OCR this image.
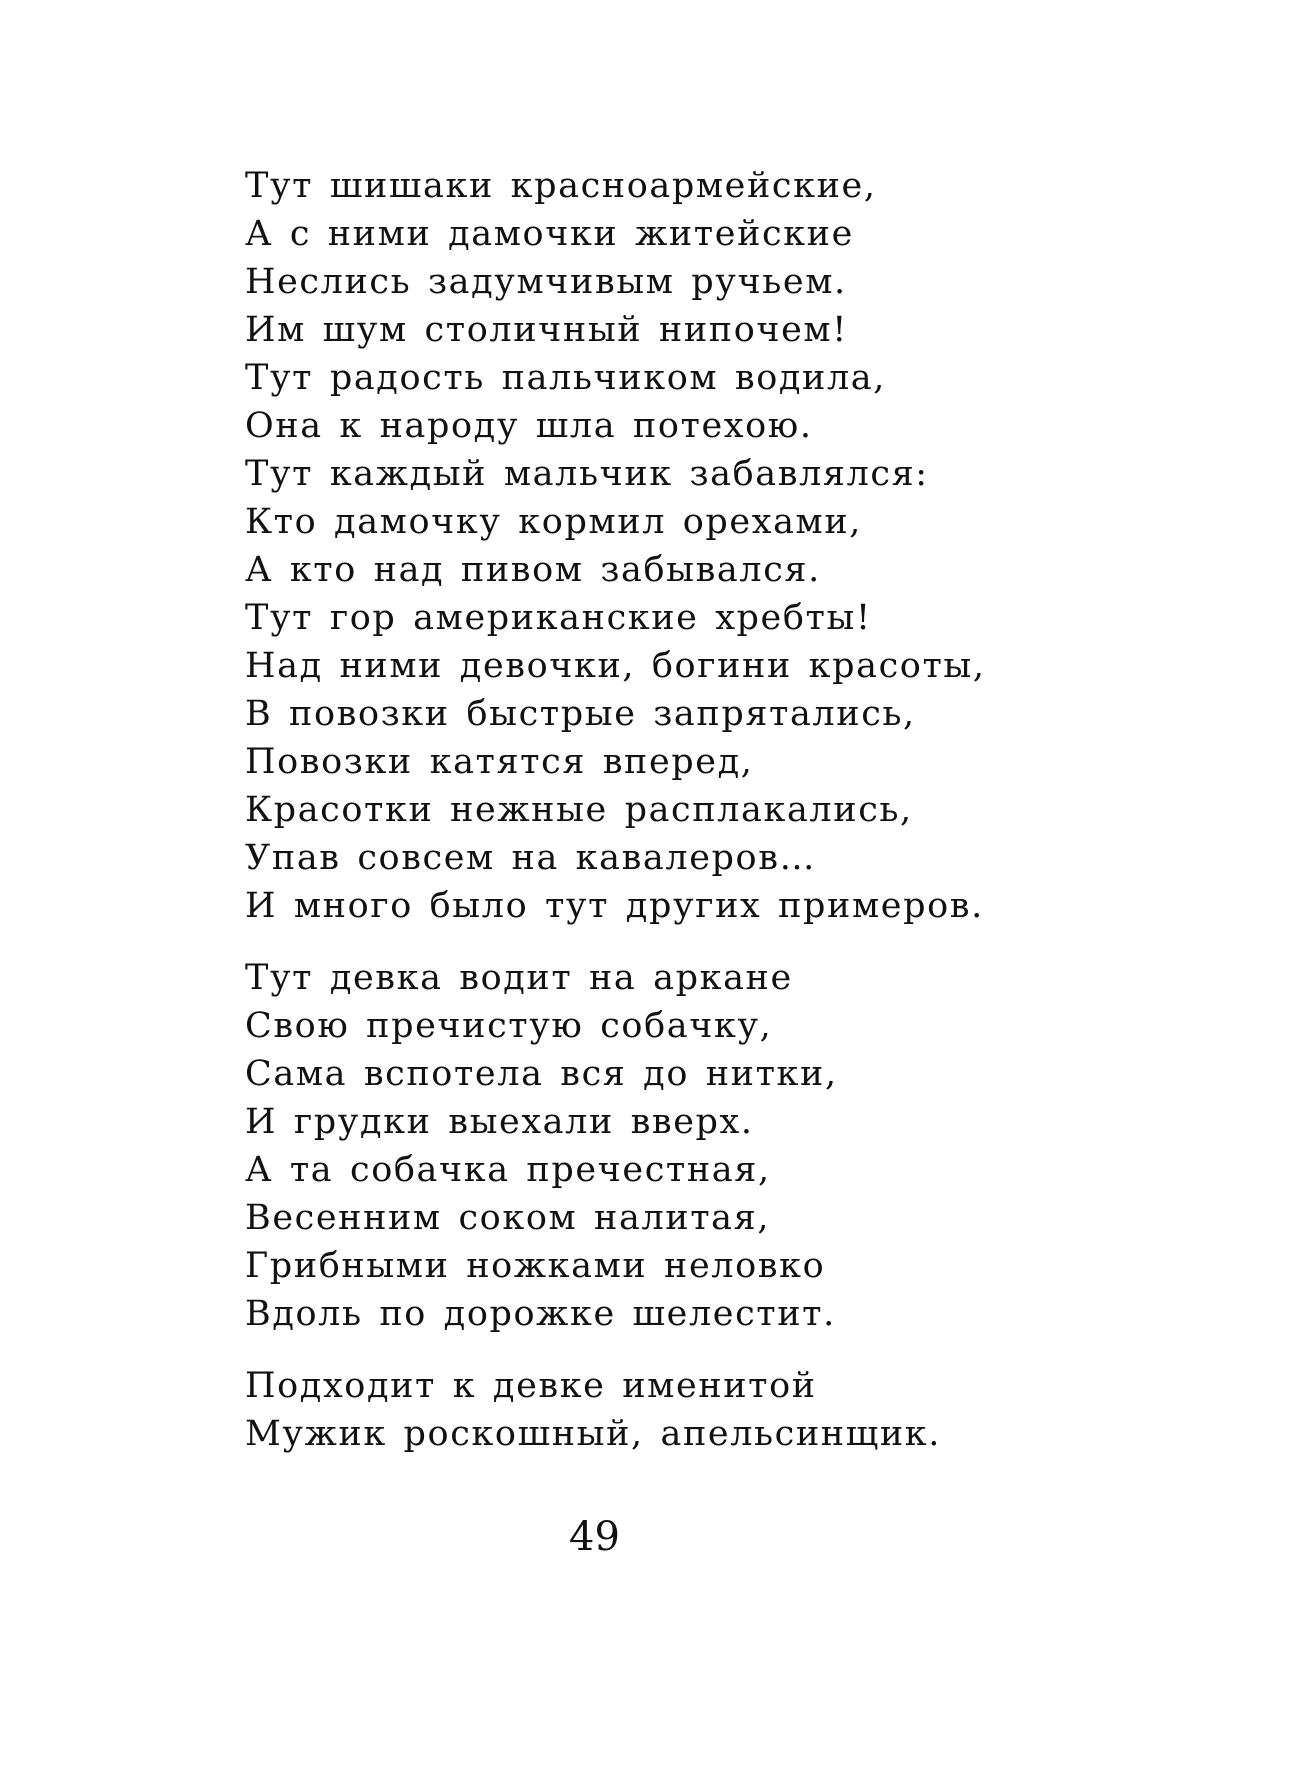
Тут шишаки красноармейские,
А с ними дамочки житейские
Неслись задумчивым ручьем.
Им шум столичный нипочем!
Тут радость пальчиком водила,
Она к народу шла потехою.
Тут каждый мальчик забавлялся:
Кто дамочку кормил орехами,
А кто над пивом забывался.
Тут гор американские хребты!
Над ними девочки, богини красоты,
В повозки быстрые запрятались,
Повозки катятся вперед,
Красотки нежные расплакались,
Упав совсем на кавалеров…
И много было тут других примеров.
Тут девка водит на аркане
Свою пречистую собачку,
Сама вспотела вся до нитки,
И грудки выехали вверх.
А та собачка пречестная,
Весенним соком налитая,
Грибными ножками неловко
Вдоль по дорожке шелестит.
Подходит к девке именитой
Мужик роскошный, апельсинщик.
49
